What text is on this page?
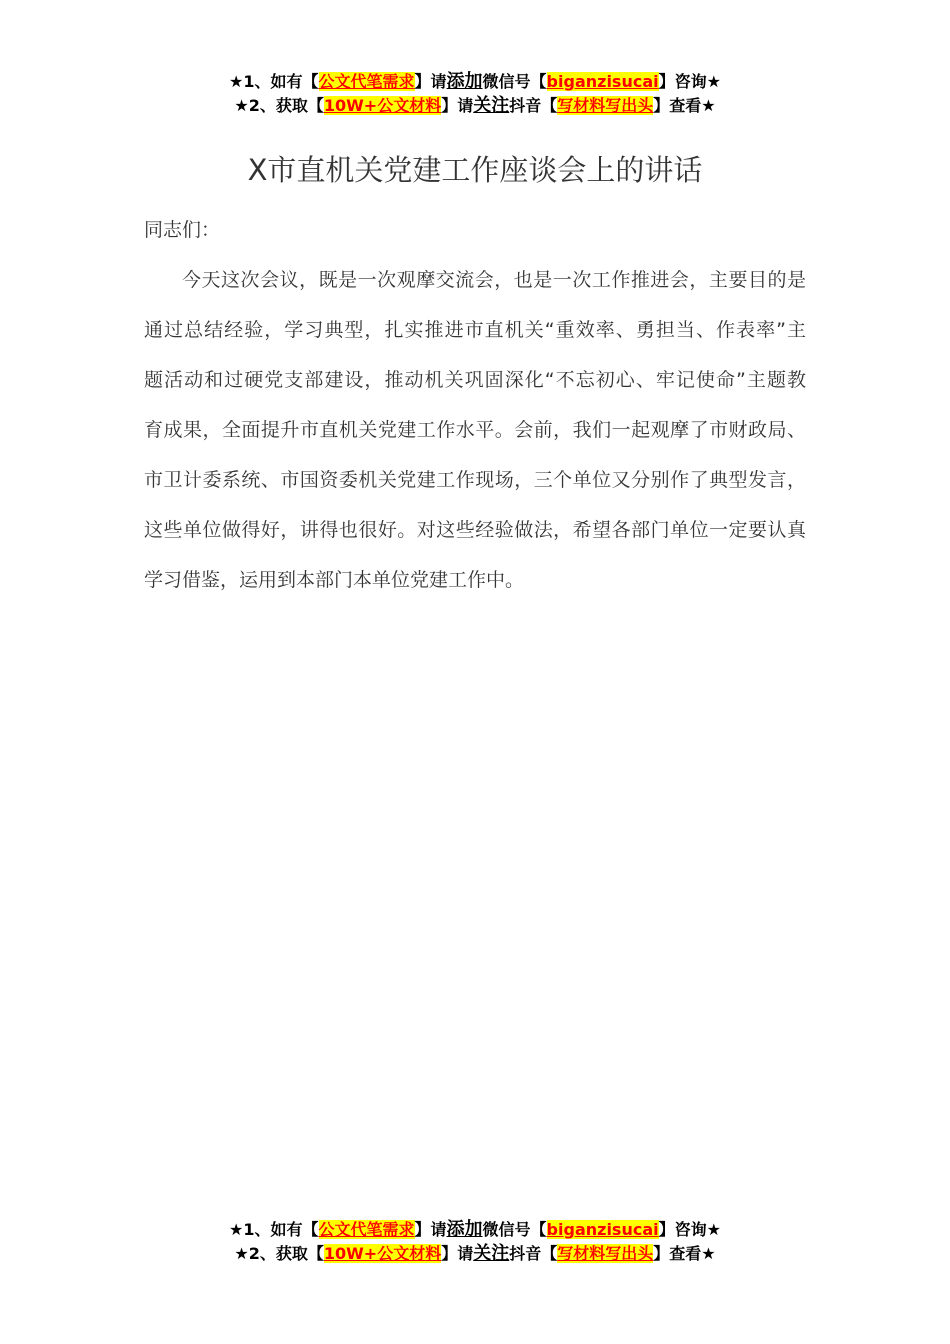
★1、如有【公文代笔需求】请添加微信号【biganzisucai】咨询★
★2、获取【10W+公文材料】请关注抖音【写材料写出头】查看★
X市直机关党建工作座谈会上的讲话

同志们：

今天这次会议，既是一次观摩交流会，也是一次工作推进会，主要目的是
通过总结经验，学习典型，扎实推进市直机关“重效率、勇担当、作表率”主
题活动和过硬党支部建设，推动机关巩固深化“不忘初心、牢记使命”主题教
育成果，全面提升市直机关党建工作水平。会前，我们一起观摩了市财政局、
市卫计委系统、市国资委机关党建工作现场，三个单位又分别作了典型发言，
这些单位做得好，讲得也很好。对这些经验做法，希望各部门单位一定要认真
学习借鉴，运用到本部门本单位党建工作中。
★1、如有【公文代笔需求】请添加微信号【biganzisucai】咨询★
★2、获取【10W+公文材料】请关注抖音【写材料写出头】查看★
